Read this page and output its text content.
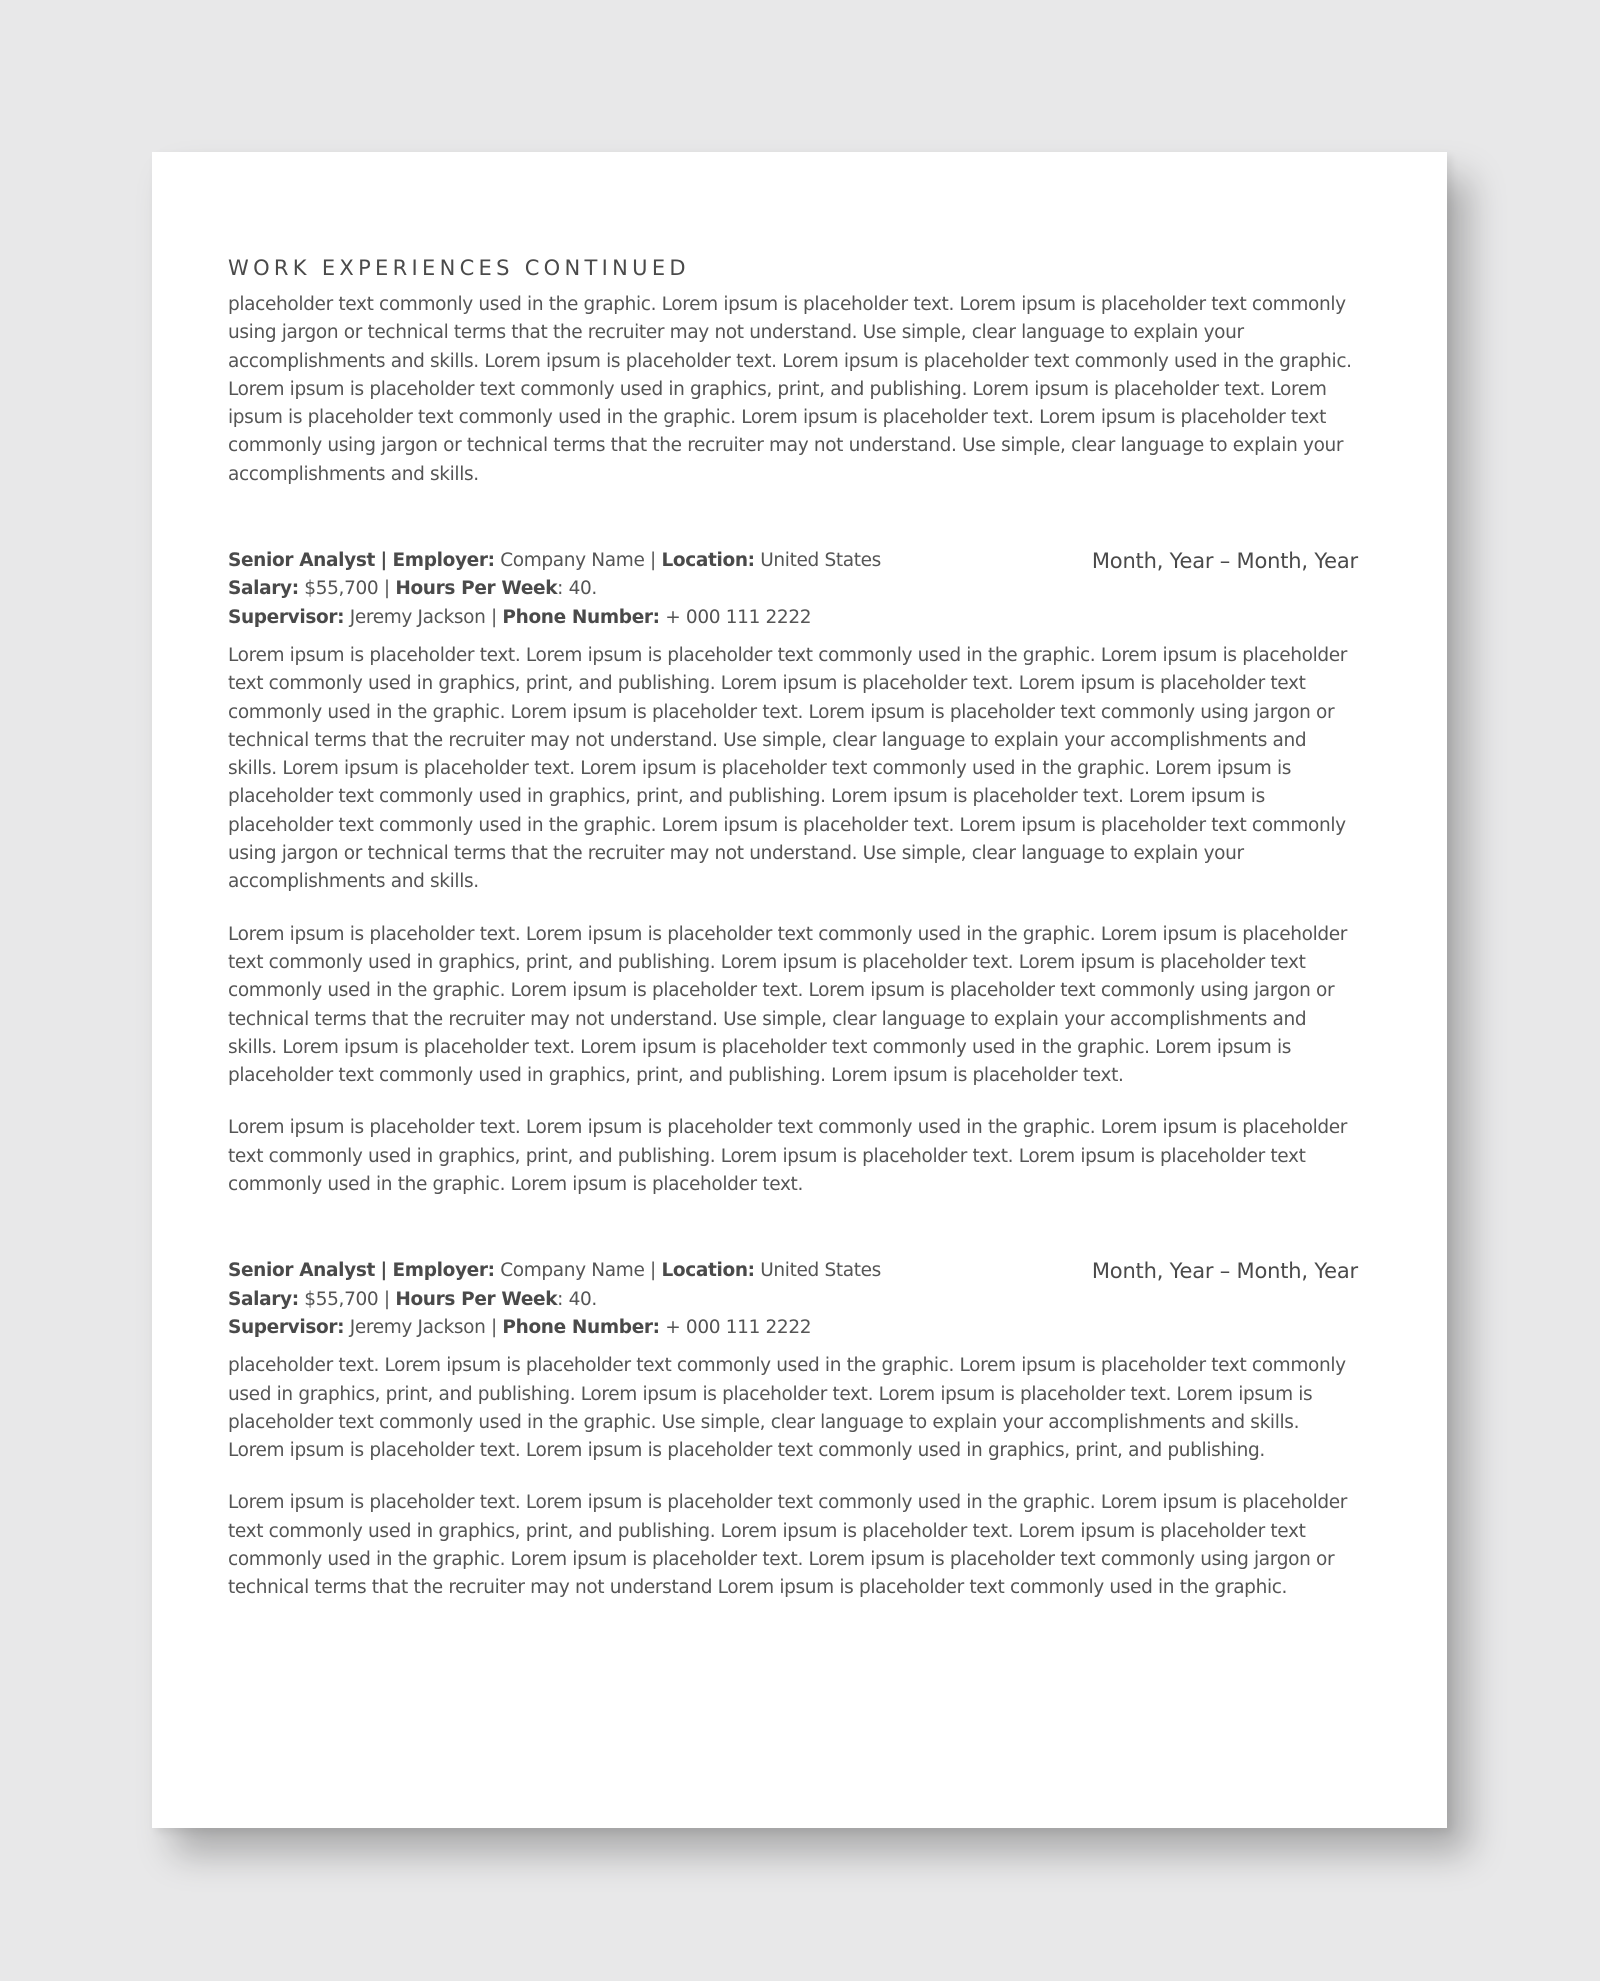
WORK EXPERIENCES CONTINUED

placeholder text commonly used in the graphic. Lorem ipsum is placeholder text. Lorem ipsum is placeholder text commonly using jargon or technical terms that the recruiter may not understand. Use simple, clear language to explain your accomplishments and skills. Lorem ipsum is placeholder text. Lorem ipsum is placeholder text commonly used in the graphic. Lorem ipsum is placeholder text commonly used in graphics, print, and publishing. Lorem ipsum is placeholder text. Lorem ipsum is placeholder text commonly used in the graphic. Lorem ipsum is placeholder text. Lorem ipsum is placeholder text commonly using jargon or technical terms that the recruiter may not understand. Use simple, clear language to explain your accomplishments and skills.

Senior Analyst | Employer: Company Name | Location: United States
Salary: $55,700 | Hours Per Week: 40.
Supervisor: Jeremy Jackson | Phone Number: + 000 111 2222
Month, Year – Month, Year

Lorem ipsum is placeholder text. Lorem ipsum is placeholder text commonly used in the graphic. Lorem ipsum is placeholder text commonly used in graphics, print, and publishing. Lorem ipsum is placeholder text. Lorem ipsum is placeholder text commonly used in the graphic. Lorem ipsum is placeholder text. Lorem ipsum is placeholder text commonly using jargon or technical terms that the recruiter may not understand. Use simple, clear language to explain your accomplishments and skills. Lorem ipsum is placeholder text. Lorem ipsum is placeholder text commonly used in the graphic. Lorem ipsum is placeholder text commonly used in graphics, print, and publishing. Lorem ipsum is placeholder text. Lorem ipsum is placeholder text commonly used in the graphic. Lorem ipsum is placeholder text. Lorem ipsum is placeholder text commonly using jargon or technical terms that the recruiter may not understand. Use simple, clear language to explain your accomplishments and skills.

Lorem ipsum is placeholder text. Lorem ipsum is placeholder text commonly used in the graphic. Lorem ipsum is placeholder text commonly used in graphics, print, and publishing. Lorem ipsum is placeholder text. Lorem ipsum is placeholder text commonly used in the graphic. Lorem ipsum is placeholder text. Lorem ipsum is placeholder text commonly using jargon or technical terms that the recruiter may not understand. Use simple, clear language to explain your accomplishments and skills. Lorem ipsum is placeholder text. Lorem ipsum is placeholder text commonly used in the graphic. Lorem ipsum is placeholder text commonly used in graphics, print, and publishing. Lorem ipsum is placeholder text.

Lorem ipsum is placeholder text. Lorem ipsum is placeholder text commonly used in the graphic. Lorem ipsum is placeholder text commonly used in graphics, print, and publishing. Lorem ipsum is placeholder text. Lorem ipsum is placeholder text commonly used in the graphic. Lorem ipsum is placeholder text.

Senior Analyst | Employer: Company Name | Location: United States
Salary: $55,700 | Hours Per Week: 40.
Supervisor: Jeremy Jackson | Phone Number: + 000 111 2222
Month, Year – Month, Year

placeholder text. Lorem ipsum is placeholder text commonly used in the graphic. Lorem ipsum is placeholder text commonly used in graphics, print, and publishing. Lorem ipsum is placeholder text. Lorem ipsum is placeholder text. Lorem ipsum is placeholder text commonly used in the graphic. Use simple, clear language to explain your accomplishments and skills. Lorem ipsum is placeholder text. Lorem ipsum is placeholder text commonly used in graphics, print, and publishing.

Lorem ipsum is placeholder text. Lorem ipsum is placeholder text commonly used in the graphic. Lorem ipsum is placeholder text commonly used in graphics, print, and publishing. Lorem ipsum is placeholder text. Lorem ipsum is placeholder text commonly used in the graphic. Lorem ipsum is placeholder text. Lorem ipsum is placeholder text commonly using jargon or technical terms that the recruiter may not understand Lorem ipsum is placeholder text commonly used in the graphic.
